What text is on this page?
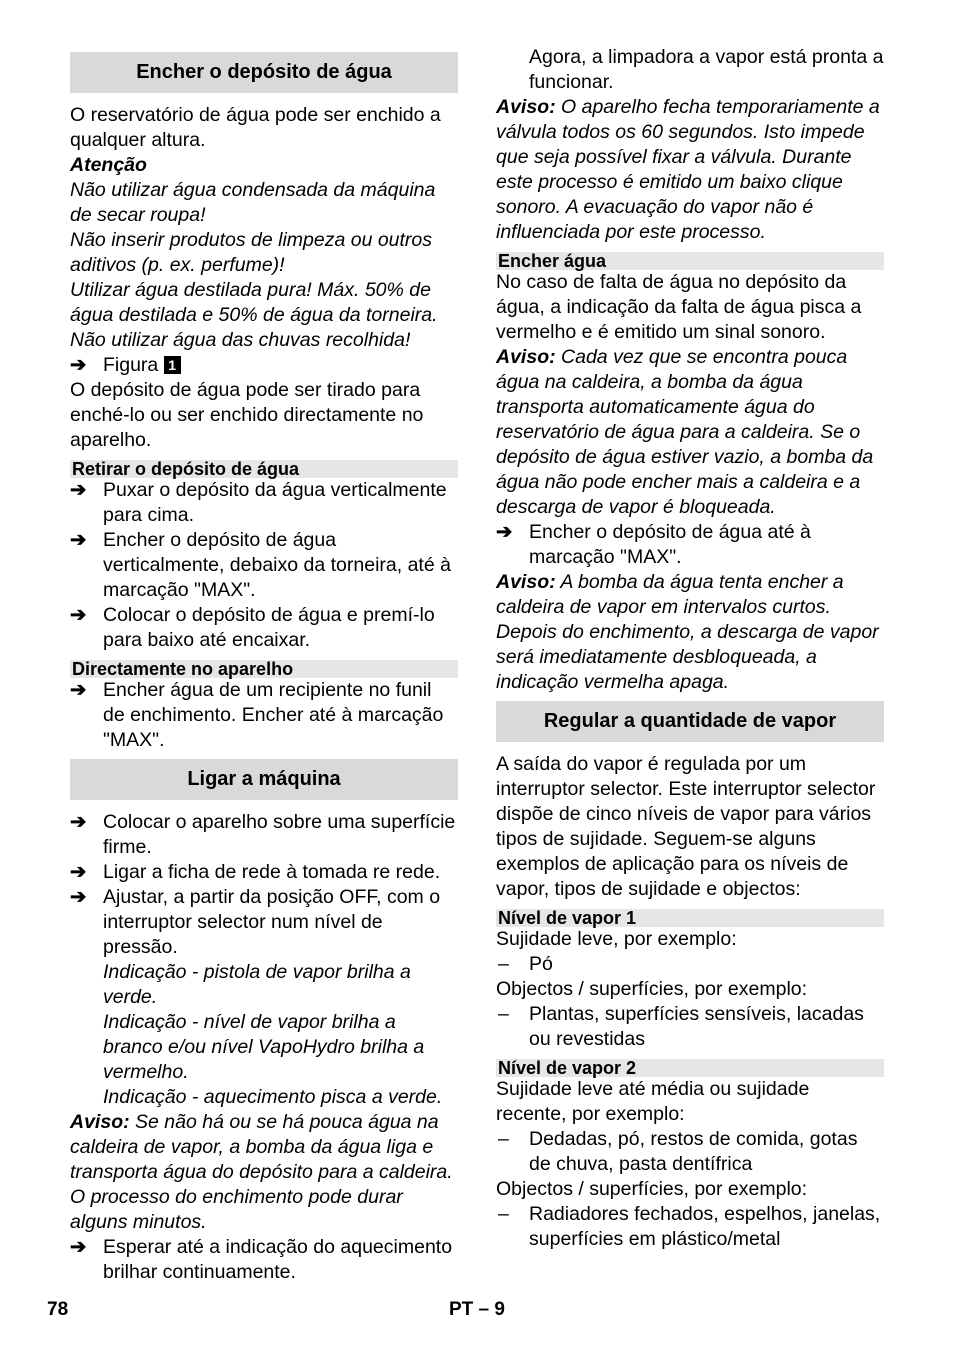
Encher o depósito de água

O reservatório de água pode ser enchido a qualquer altura.

Atenção

Não utilizar água condensada da máquina de secar roupa!

Não inserir produtos de limpeza ou outros aditivos (p. ex. perfume)!

Utilizar água destilada pura! Máx. 50% de água destilada e 50% de água da torneira. Não utilizar água das chuvas recolhida!

➔ Figura 1

O depósito de água pode ser tirado para enché-lo ou ser enchido directamente no aparelho.

Retirar o depósito de água
➔ Puxar o depósito da água verticalmente para cima.
➔ Encher o depósito de água verticalmente, debaixo da torneira, até à marcação "MAX".
➔ Colocar o depósito de água e premí-lo para baixo até encaixar.
Directamente no aparelho
➔ Encher água de um recipiente no funil de enchimento. Encher até à marcação "MAX".
Ligar a máquina
➔ Colocar o aparelho sobre uma superfície firme.
➔ Ligar a ficha de rede à tomada re rede.
➔ Ajustar, a partir da posição OFF, com o interruptor selector num nível de pressão.

Indicação - pistola de vapor brilha a verde.

Indicação - nível de vapor brilha a branco e/ou nível VapoHydro brilha a vermelho.

Indicação - aquecimento pisca a verde.

Aviso: Se não há ou se há pouca água na caldeira de vapor, a bomba da água liga e transporta água do depósito para a caldeira. O processo do enchimento pode durar alguns minutos.

➔ Esperar até a indicação do aquecimento brilhar continuamente.

Agora, a limpadora a vapor está pronta a funcionar.

Aviso: O aparelho fecha temporariamente a válvula todos os 60 segundos. Isto impede que seja possível fixar a válvula. Durante este processo é emitido um baixo clique sonoro. A evacuação do vapor não é influenciada por este processo.

Encher água

No caso de falta de água no depósito da água, a indicação da falta de água pisca a vermelho e é emitido um sinal sonoro.

Aviso: Cada vez que se encontra pouca água na caldeira, a bomba da água transporta automaticamente água do reservatório de água para a caldeira. Se o depósito de água estiver vazio, a bomba da água não pode encher mais a caldeira e a descarga de vapor é bloqueada.

➔ Encher o depósito de água até à marcação "MAX".

Aviso: A bomba da água tenta encher a caldeira de vapor em intervalos curtos. Depois do enchimento, a descarga de vapor será imediatamente desbloqueada, a indicação vermelha apaga.

Regular a quantidade de vapor

A saída do vapor é regulada por um interruptor selector. Este interruptor selector dispõe de cinco níveis de vapor para vários tipos de sujidade. Seguem-se alguns exemplos de aplicação para os níveis de vapor, tipos de sujidade e objectos:

Nível de vapor 1

Sujidade leve, por exemplo:

– Pó

Objectos / superfícies, por exemplo:

– Plantas, superfícies sensíveis, lacadas ou revestidas
Nível de vapor 2

Sujidade leve até média ou sujidade recente, por exemplo:

– Dedadas, pó, restos de comida, gotas de chuva, pasta dentífrica

Objectos / superfícies, por exemplo:

– Radiadores fechados, espelhos, janelas, superfícies em plástico/metal
78	PT – 9
